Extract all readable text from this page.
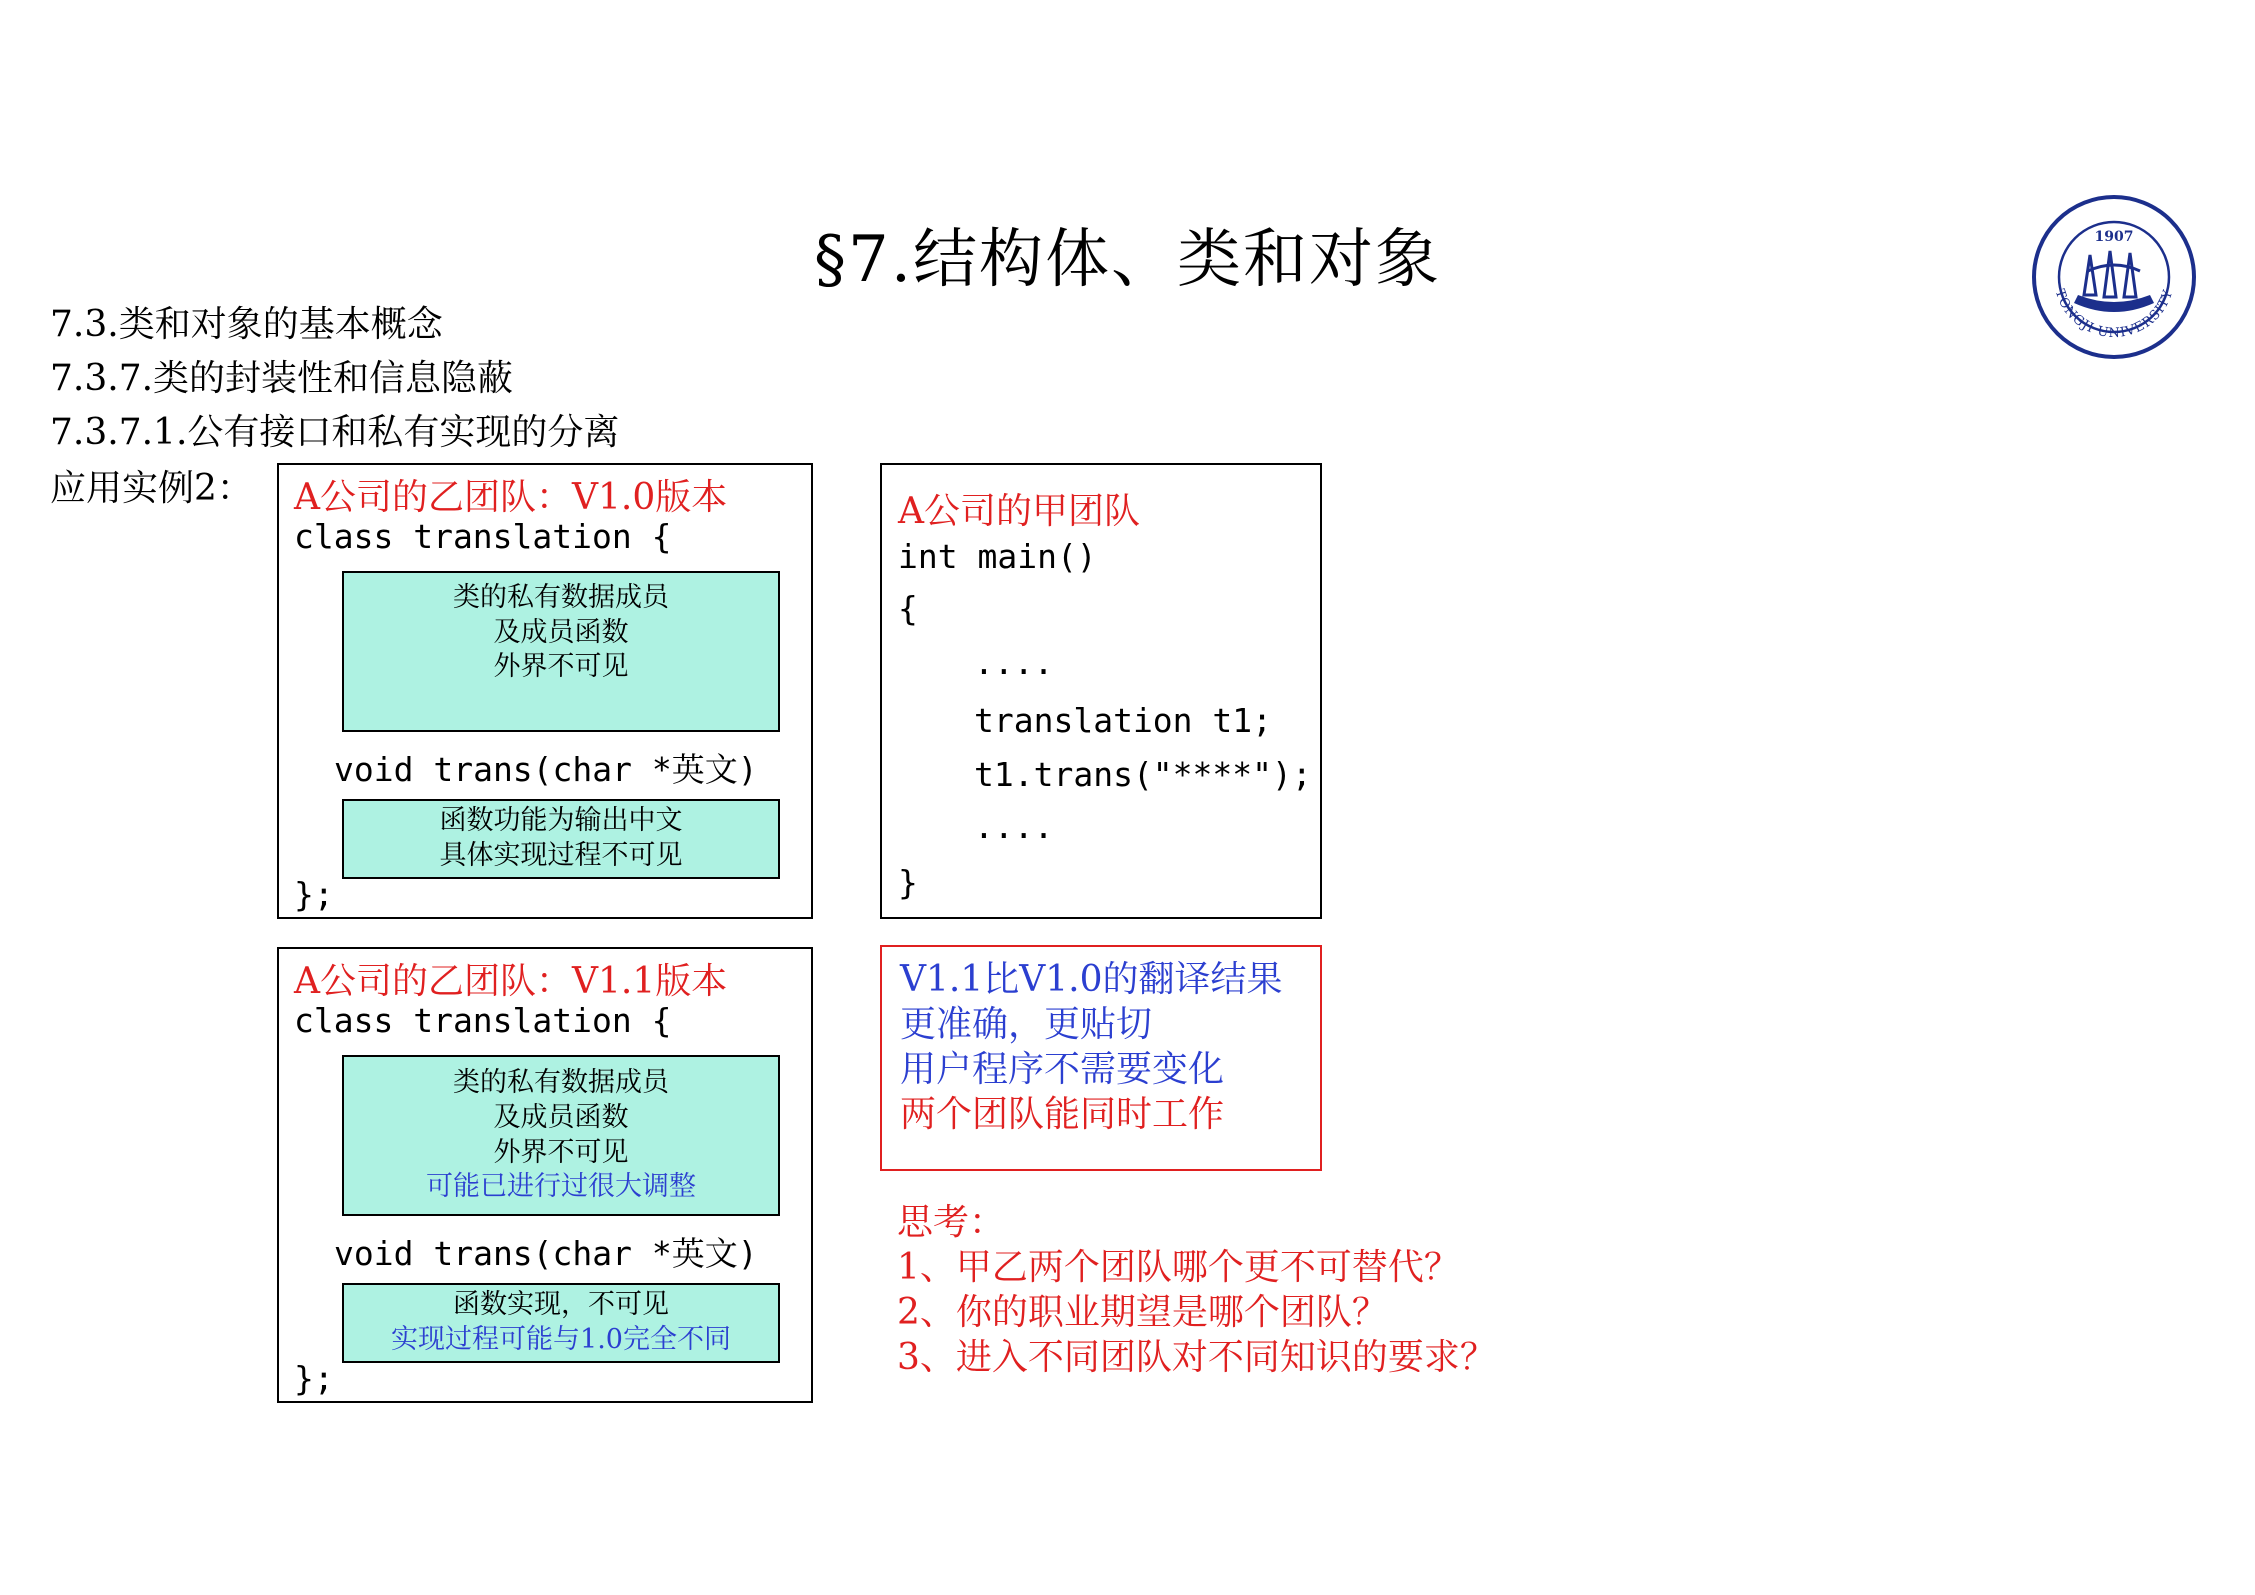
§7.结构体、类和对象	1907
TONGJI UNIVERSITY
7.3.类和对象的基本概念
7.3.7.类的封装性和信息隐蔽
7.3.7.1.公有接口和私有实现的分离
应用实例2： A公司的乙团队：V1.0版本
class translation {
类的私有数据成员
及成员函数
外界不可见
void trans(char *英文)
函数功能为输出中文
具体实现过程不可见
};
A公司的甲团队
int main()
{
....
translation t1;
t1.trans("****");
....
}
A公司的乙团队：V1.1版本
class translation {
类的私有数据成员
及成员函数
外界不可见
可能已进行过很大调整
void trans(char *英文)
函数实现，不可见
实现过程可能与1.0完全不同
};
V1.1比V1.0的翻译结果
更准确，更贴切
用户程序不需要变化
两个团队能同时工作
思考：
1、甲乙两个团队哪个更不可替代？
2、你的职业期望是哪个团队？
3、进入不同团队对不同知识的要求？
